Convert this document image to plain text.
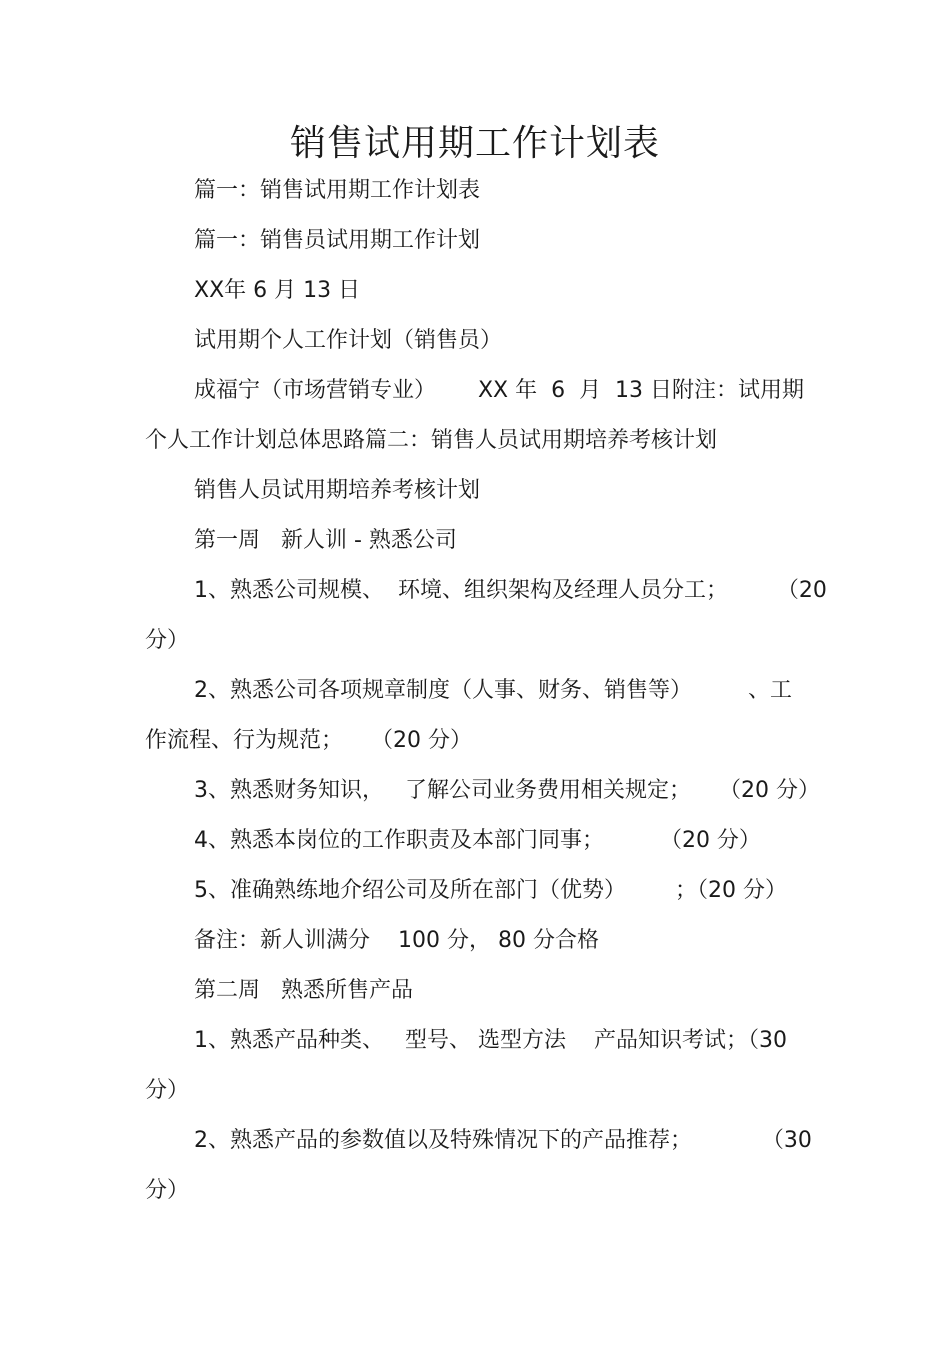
销售试用期工作计划表
篇一：销售试用期工作计划表
篇一：销售员试用期工作计划
XX年 6 月 13 日
试用期个人工作计划（销售员）
成福宁（市场营销专业）      XX 年  6  月  13 日附注：试用期
个人工作计划总体思路篇二：销售人员试用期培养考核计划
销售人员试用期培养考核计划
第一周   新人训 - 熟悉公司
1、熟悉公司规模、  环境、组织架构及经理人员分工；       （20
分）
2、熟悉公司各项规章制度（人事、财务、销售等）        、工
作流程、行为规范；    （20 分）
3、熟悉财务知识，   了解公司业务费用相关规定；    （20 分）
4、熟悉本岗位的工作职责及本部门同事；        （20 分）
5、准确熟练地介绍公司及所在部门（优势）       ；（20 分）
备注：新人训满分    100 分， 80 分合格
第二周   熟悉所售产品
1、熟悉产品种类、   型号、 选型方法    产品知识考试；（30
分）
2、熟悉产品的参数值以及特殊情况下的产品推荐；          （30
分）
